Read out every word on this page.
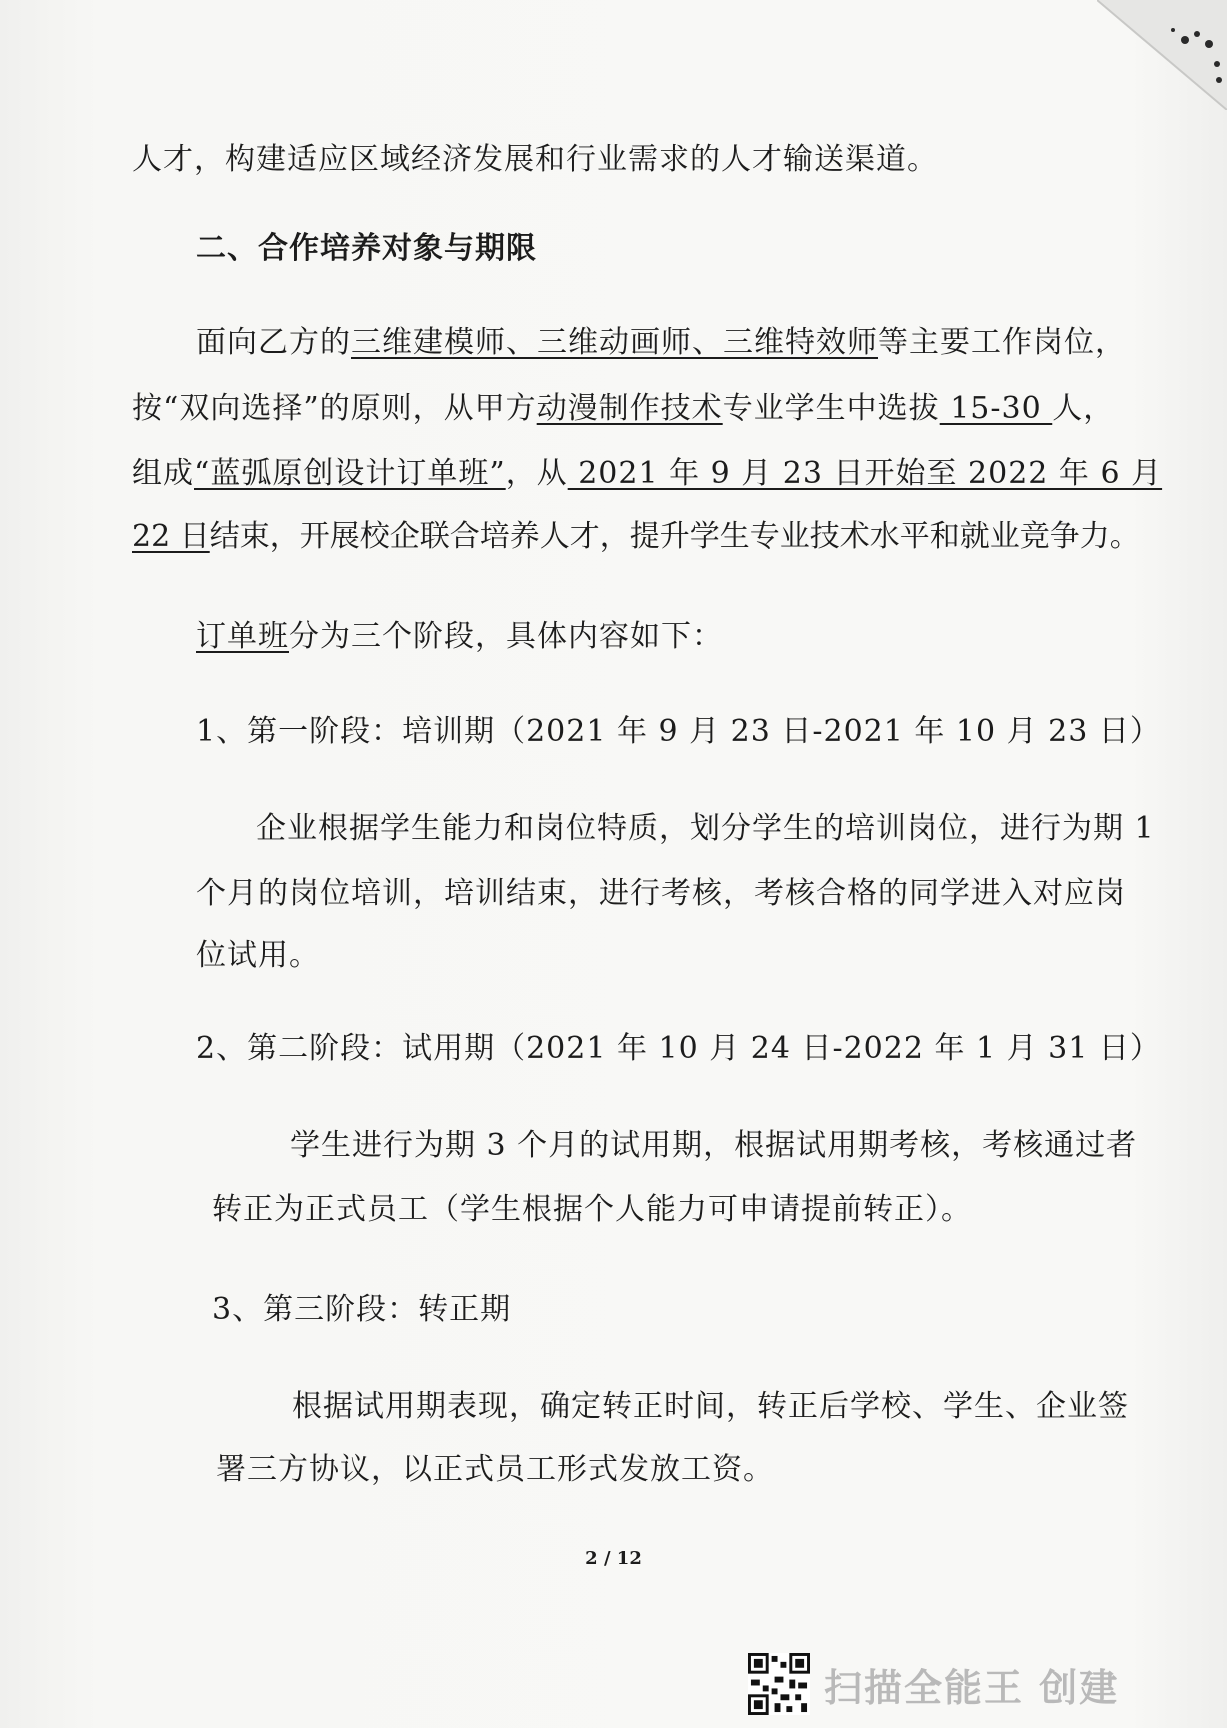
人才，构建适应区域经济发展和行业需求的人才输送渠道。
二、合作培养对象与期限
面向乙方的三维建模师、三维动画师、三维特效师等主要工作岗位，
按“双向选择”的原则，从甲方动漫制作技术专业学生中选拔 15-30 人，
组成“蓝弧原创设计订单班”，从 2021 年 9 月 23 日开始至 2022 年 6 月
22 日结束，开展校企联合培养人才，提升学生专业技术水平和就业竞争力。
订单班分为三个阶段，具体内容如下：
1、第一阶段：培训期（2021 年 9 月 23 日-2021 年 10 月 23 日）
企业根据学生能力和岗位特质，划分学生的培训岗位，进行为期 1
个月的岗位培训，培训结束，进行考核，考核合格的同学进入对应岗
位试用。
2、第二阶段：试用期（2021 年 10 月 24 日-2022 年 1 月 31 日）
学生进行为期 3 个月的试用期，根据试用期考核，考核通过者
转正为正式员工（学生根据个人能力可申请提前转正）。
3、第三阶段：转正期
根据试用期表现，确定转正时间，转正后学校、学生、企业签
署三方协议，以正式员工形式发放工资。
2 / 12
扫描全能王 创建
